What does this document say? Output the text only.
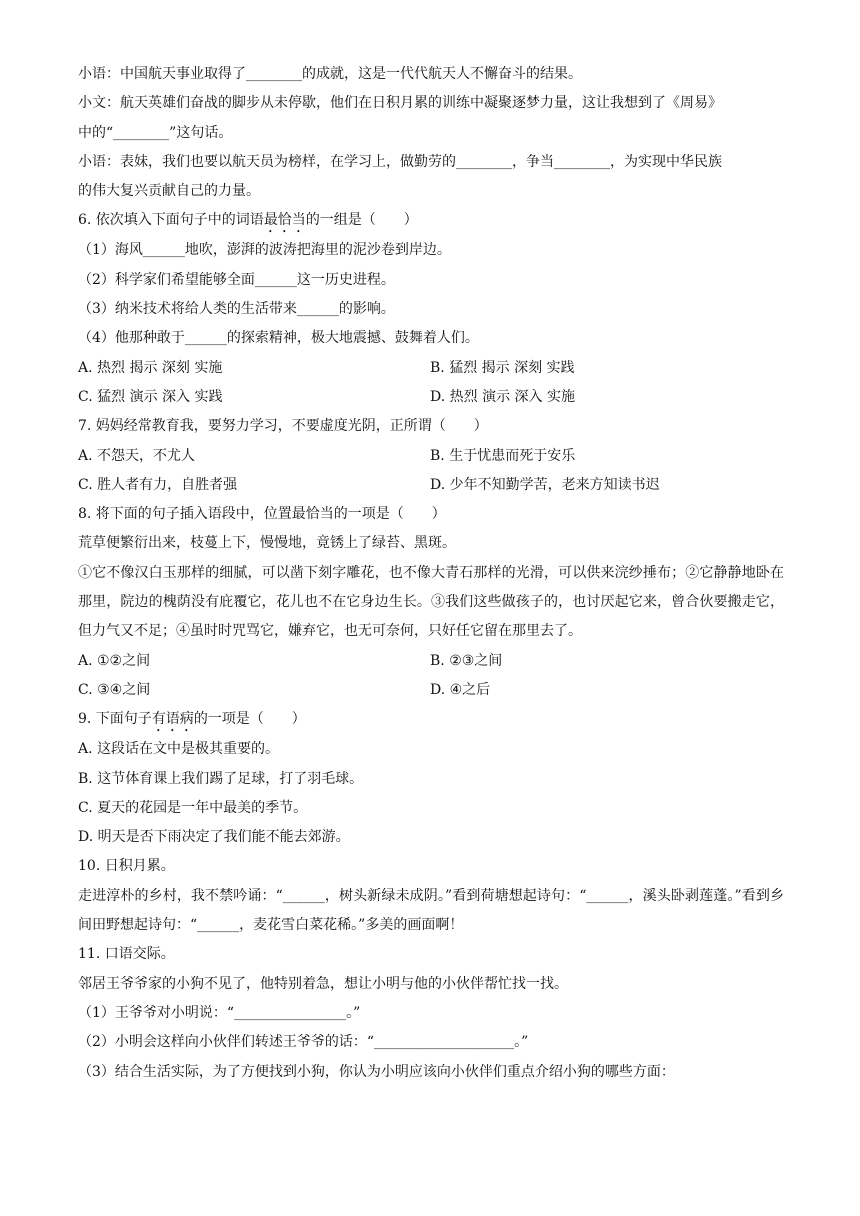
小语：中国航天事业取得了________的成就，这是一代代航天人不懈奋斗的结果。
小文：航天英雄们奋战的脚步从未停歇，他们在日积月累的训练中凝聚逐梦力量，这让我想到了《周易》
中的“________”这句话。
小语：表妹，我们也要以航天员为榜样，在学习上，做勤劳的________，争当________，为实现中华民族
的伟大复兴贡献自己的力量。
6. 依次填入下面句子中的词语最恰当的一组是（　　）
（1）海风______地吹，澎湃的波涛把海里的泥沙卷到岸边。
（2）科学家们希望能够全面______这一历史进程。
（3）纳米技术将给人类的生活带来______的影响。
（4）他那种敢于______的探索精神，极大地震撼、鼓舞着人们。
A. 热烈 揭示 深刻 实施	B. 猛烈 揭示 深刻 实践
C. 猛烈 演示 深入 实践	D. 热烈 演示 深入 实施
7. 妈妈经常教育我，要努力学习，不要虚度光阴，正所谓（　　）
A. 不怨天，不尤人	B. 生于忧患而死于安乐
C. 胜人者有力，自胜者强	D. 少年不知勤学苦，老来方知读书迟
8. 将下面的句子插入语段中，位置最恰当的一项是（　　）
荒草便繁衍出来，枝蔓上下，慢慢地，竟锈上了绿苔、黑斑。
①它不像汉白玉那样的细腻，可以凿下刻字雕花，也不像大青石那样的光滑，可以供来浣纱捶布；②它静静地卧在那里，院边的槐荫没有庇覆它，花儿也不在它身边生长。③我们这些做孩子的，也讨厌起它来，曾合伙要搬走它，但力气又不足；④虽时时咒骂它，嫌弃它，也无可奈何，只好任它留在那里去了。
A. ①②之间	B. ②③之间
C. ③④之间	D. ④之后
9. 下面句子有语病的一项是（　　）
A. 这段话在文中是极其重要的。
B. 这节体育课上我们踢了足球，打了羽毛球。
C. 夏天的花园是一年中最美的季节。
D. 明天是否下雨决定了我们能不能去郊游。
10. 日积月累。
走进淳朴的乡村，我不禁吟诵：“______，树头新绿未成阴。”看到荷塘想起诗句：“______，溪头卧剥莲蓬。”看到乡间田野想起诗句：“______，麦花雪白菜花稀。”多美的画面啊！
11. 口语交际。
邻居王爷爷家的小狗不见了，他特别着急，想让小明与他的小伙伴帮忙找一找。
（1）王爷爷对小明说：“________________。”
（2）小明会这样向小伙伴们转述王爷爷的话：“____________________。”
（3）结合生活实际，为了方便找到小狗，你认为小明应该向小伙伴们重点介绍小狗的哪些方面：
